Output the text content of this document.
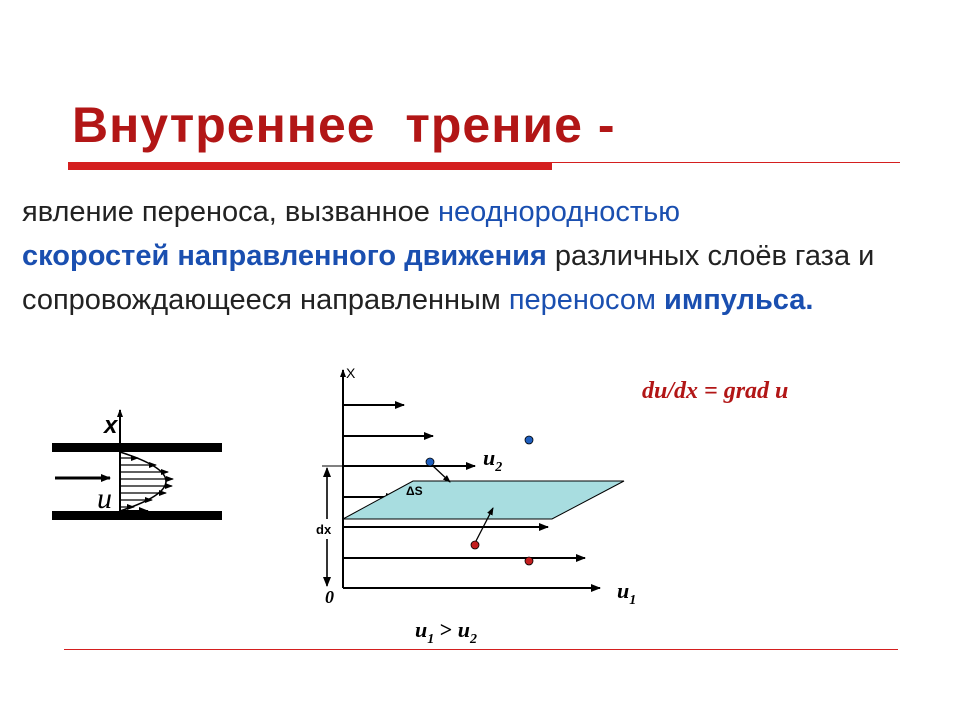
Внутреннее  трение -
явление переноса, вызванное неоднородностью
скоростей направленного движения различных слоёв газа и сопровождающееся направленным переносом импульса.
du/dx = grad u
x
u
X
ΔS
dx
0
$u_2$
$u_1$
$u_1 > u_2$
